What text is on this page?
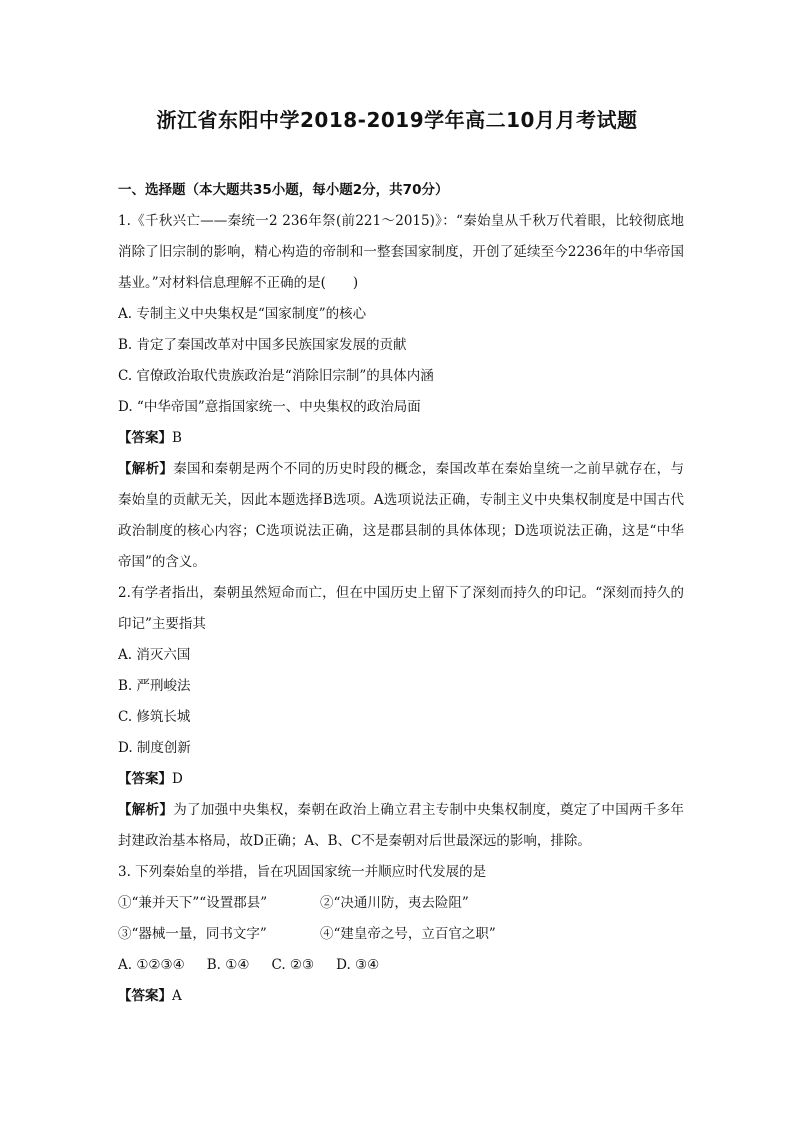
浙江省东阳中学2018-2019学年高二10月月考试题
一、选择题（本大题共35小题，每小题2分，共70分）
1.《千秋兴亡——秦统一2 236年祭(前221～2015)》：“秦始皇从千秋万代着眼，比较彻底地消除了旧宗制的影响，精心构造的帝制和一整套国家制度，开创了延续至今2236年的中华帝国基业。”对材料信息理解不正确的是(　　)
A. 专制主义中央集权是“国家制度”的核心
B. 肯定了秦国改革对中国多民族国家发展的贡献
C. 官僚政治取代贵族政治是“消除旧宗制”的具体内涵
D. “中华帝国”意指国家统一、中央集权的政治局面
【答案】B
【解析】秦国和秦朝是两个不同的历史时段的概念，秦国改革在秦始皇统一之前早就存在，与秦始皇的贡献无关，因此本题选择B选项。A选项说法正确，专制主义中央集权制度是中国古代政治制度的核心内容；C选项说法正确，这是郡县制的具体体现；D选项说法正确，这是“中华帝国”的含义。
2.有学者指出，秦朝虽然短命而亡，但在中国历史上留下了深刻而持久的印记。“深刻而持久的印记”主要指其
A. 消灭六国
B. 严刑峻法
C. 修筑长城
D. 制度创新
【答案】D
【解析】为了加强中央集权，秦朝在政治上确立君主专制中央集权制度，奠定了中国两千多年封建政治基本格局，故D正确；A、B、C不是秦朝对后世最深远的影响，排除。
3. 下列秦始皇的举措，旨在巩固国家统一并顺应时代发展的是
①“兼并天下”“设置郡县”	②“决通川防，夷去险阻”
③“器械一量，同书文字”	④“建皇帝之号，立百官之职”
A. ①②③④ B. ①④ C. ②③ D. ③④
【答案】A
